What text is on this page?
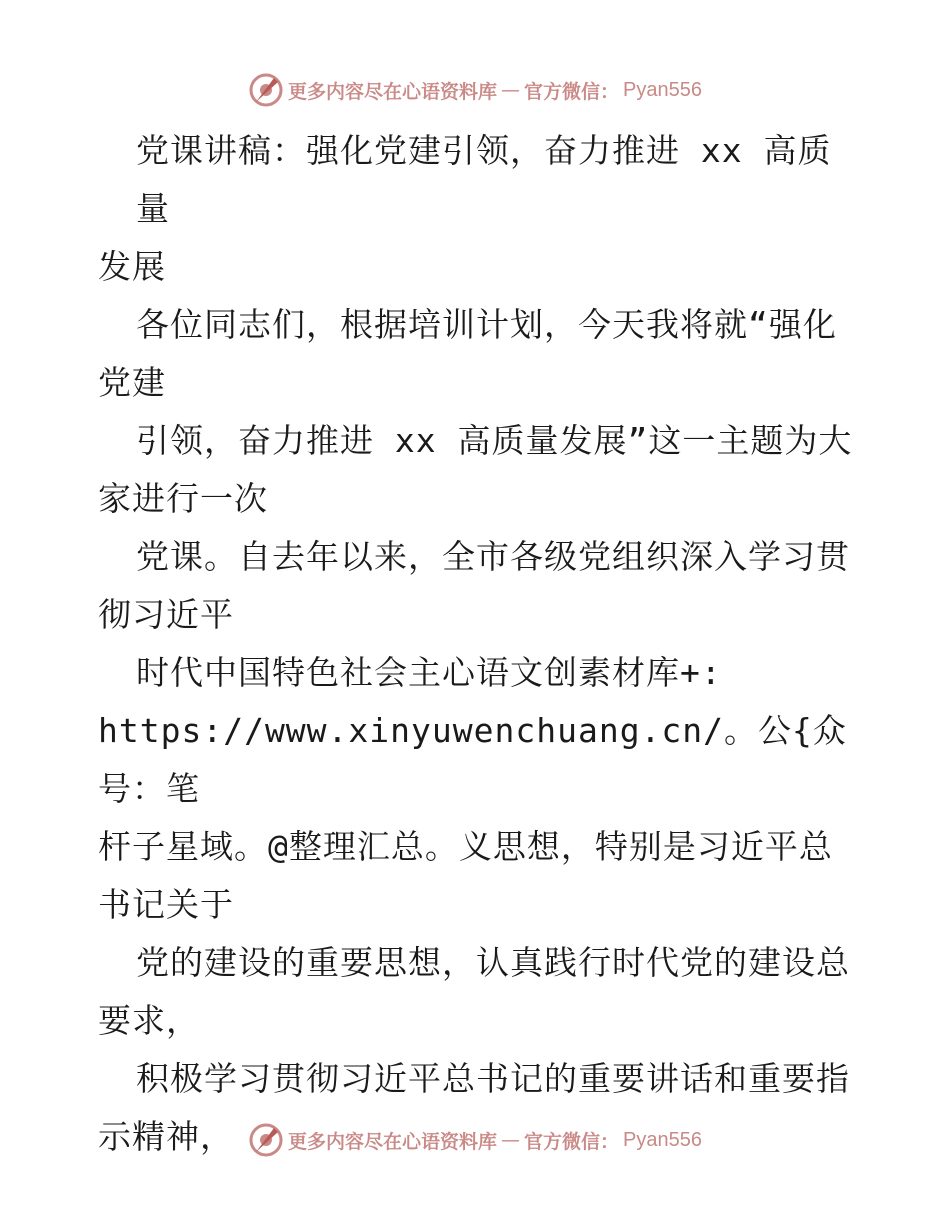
更多内容尽在心语资料库 — 官方微信： Pyan556
党课讲稿：强化党建引领，奋力推进 xx 高质量
发展
各位同志们，根据培训计划，今天我将就“强化
党建
引领，奋力推进 xx 高质量发展”这一主题为大
家进行一次
党课。自去年以来，全市各级党组织深入学习贯
彻习近平
时代中国特色社会主心语文创素材库+:
https://www.xinyuwenchuang.cn/。公{众号：笔
杆子星域。@整理汇总。义思想，特别是习近平总
书记关于
党的建设的重要思想，认真践行时代党的建设总
要求，
积极学习贯彻习近平总书记的重要讲话和重要指
示精神，	更多内容尽在心语资料库 — 官方微信： Pyan556
